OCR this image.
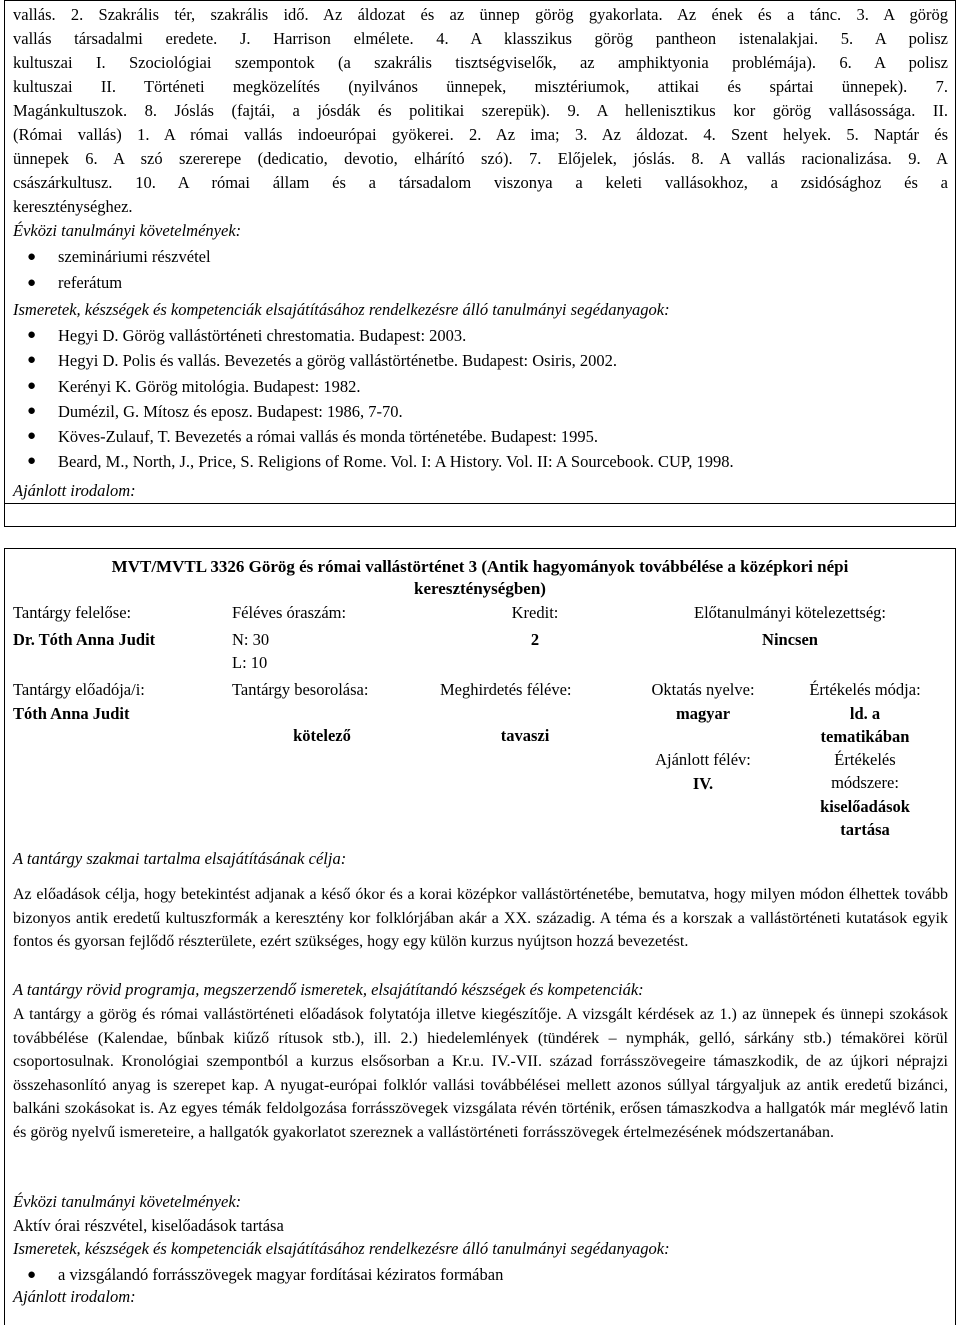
vallás. 2. Szakrális tér, szakrális idő. Az áldozat és az ünnep görög gyakorlata. Az ének és a tánc. 3. A görög
vallás társadalmi eredete. J. Harrison elmélete. 4. A klasszikus görög pantheon istenalakjai. 5. A polisz
kultuszai I. Szociológiai szempontok (a szakrális tisztségviselők, az amphiktyonia problémája). 6. A polisz
kultuszai II. Történeti megközelítés (nyilvános ünnepek, misztériumok, attikai és spártai ünnepek). 7.
Magánkultuszok. 8. Jóslás (fajtái, a jósdák és politikai szerepük). 9. A hellenisztikus kor görög vallásossága. II.
(Római vallás) 1. A római vallás indoeurópai gyökerei. 2. Az ima; 3. Az áldozat. 4. Szent helyek. 5. Naptár és
ünnepek 6. A szó szererepe (dedicatio, devotio, elhárító szó). 7. Előjelek, jóslás. 8. A vallás racionalizása. 9. A
császárkultusz. 10. A római állam és a társadalom viszonya a keleti vallásokhoz, a zsidósághoz és a
kereszténységhez.
Évközi tanulmányi követelmények:
● szemináriumi részvétel
● referátum
Ismeretek, készségek és kompetenciák elsajátításához rendelkezésre álló tanulmányi segédanyagok:
● Hegyi D. Görög vallástörténeti chrestomatia. Budapest: 2003.
● Hegyi D. Polis és vallás. Bevezetés a görög vallástörténetbe. Budapest: Osiris, 2002.
● Kerényi K. Görög mitológia. Budapest: 1982.
● Dumézil, G. Mítosz és eposz. Budapest: 1986, 7-70.
● Köves-Zulauf, T. Bevezetés a római vallás és monda történetébe. Budapest: 1995.
● Beard, M., North, J., Price, S. Religions of Rome. Vol. I: A History. Vol. II: A Sourcebook. CUP, 1998.
Ajánlott irodalom:
MVT/MVTL 3326 Görög és római vallástörténet 3 (Antik hagyományok továbbélése a középkori népi
kereszténységben)
Tantárgy felelőse:
Dr. Tóth Anna Judit
Féléves óraszám:
N: 30
L: 10
Kredit:
2
Előtanulmányi kötelezettség:
Nincsen
Tantárgy előadója/i:
Tóth Anna Judit
Tantárgy besorolása:
kötelező
Meghirdetés féléve:
tavaszi
Oktatás nyelve:
magyar
Ajánlott félév:
IV.
Értékelés módja:
ld. a
tematikában
Értékelés
módszere:
kiselőadások
tartása
A tantárgy szakmai tartalma elsajátításának célja:
Az előadások célja, hogy betekintést adjanak a késő ókor és a korai középkor vallástörténetébe, bemutatva, hogy milyen módon élhettek tovább bizonyos antik eredetű kultuszformák a keresztény kor folklórjában akár a XX. századig. A téma és a korszak a vallástörténeti kutatások egyik fontos és gyorsan fejlődő részterülete, ezért szükséges, hogy egy külön kurzus nyújtson hozzá bevezetést.
A tantárgy rövid programja, megszerzendő ismeretek, elsajátítandó készségek és kompetenciák:
A tantárgy a görög és római vallástörténeti előadások folytatója illetve kiegészítője. A vizsgált kérdések az 1.) az ünnepek és ünnepi szokások továbbélése (Kalendae, bűnbak kiűző rítusok stb.), ill. 2.) hiedelemlények (tündérek – nymphák, gelló, sárkány stb.) témakörei körül csoportosulnak. Kronológiai szempontból a kurzus elsősorban a Kr.u. IV.-VII. század forrásszövegeire támaszkodik, de az újkori néprajzi összehasonlító anyag is szerepet kap. A nyugat-európai folklór vallási továbbélései mellett azonos súllyal tárgyaljuk az antik eredetű bizánci, balkáni szokásokat is. Az egyes témák feldolgozása forrásszövegek vizsgálata révén történik, erősen támaszkodva a hallgatók már meglévő latin és görög nyelvű ismereteire, a hallgatók gyakorlatot szereznek a vallástörténeti forrásszövegek értelmezésének módszertanában.
Évközi tanulmányi követelmények:
Aktív órai részvétel, kiselőadások tartása
Ismeretek, készségek és kompetenciák elsajátításához rendelkezésre álló tanulmányi segédanyagok:
● a vizsgálandó forrásszövegek magyar fordításai kéziratos formában
Ajánlott irodalom:
